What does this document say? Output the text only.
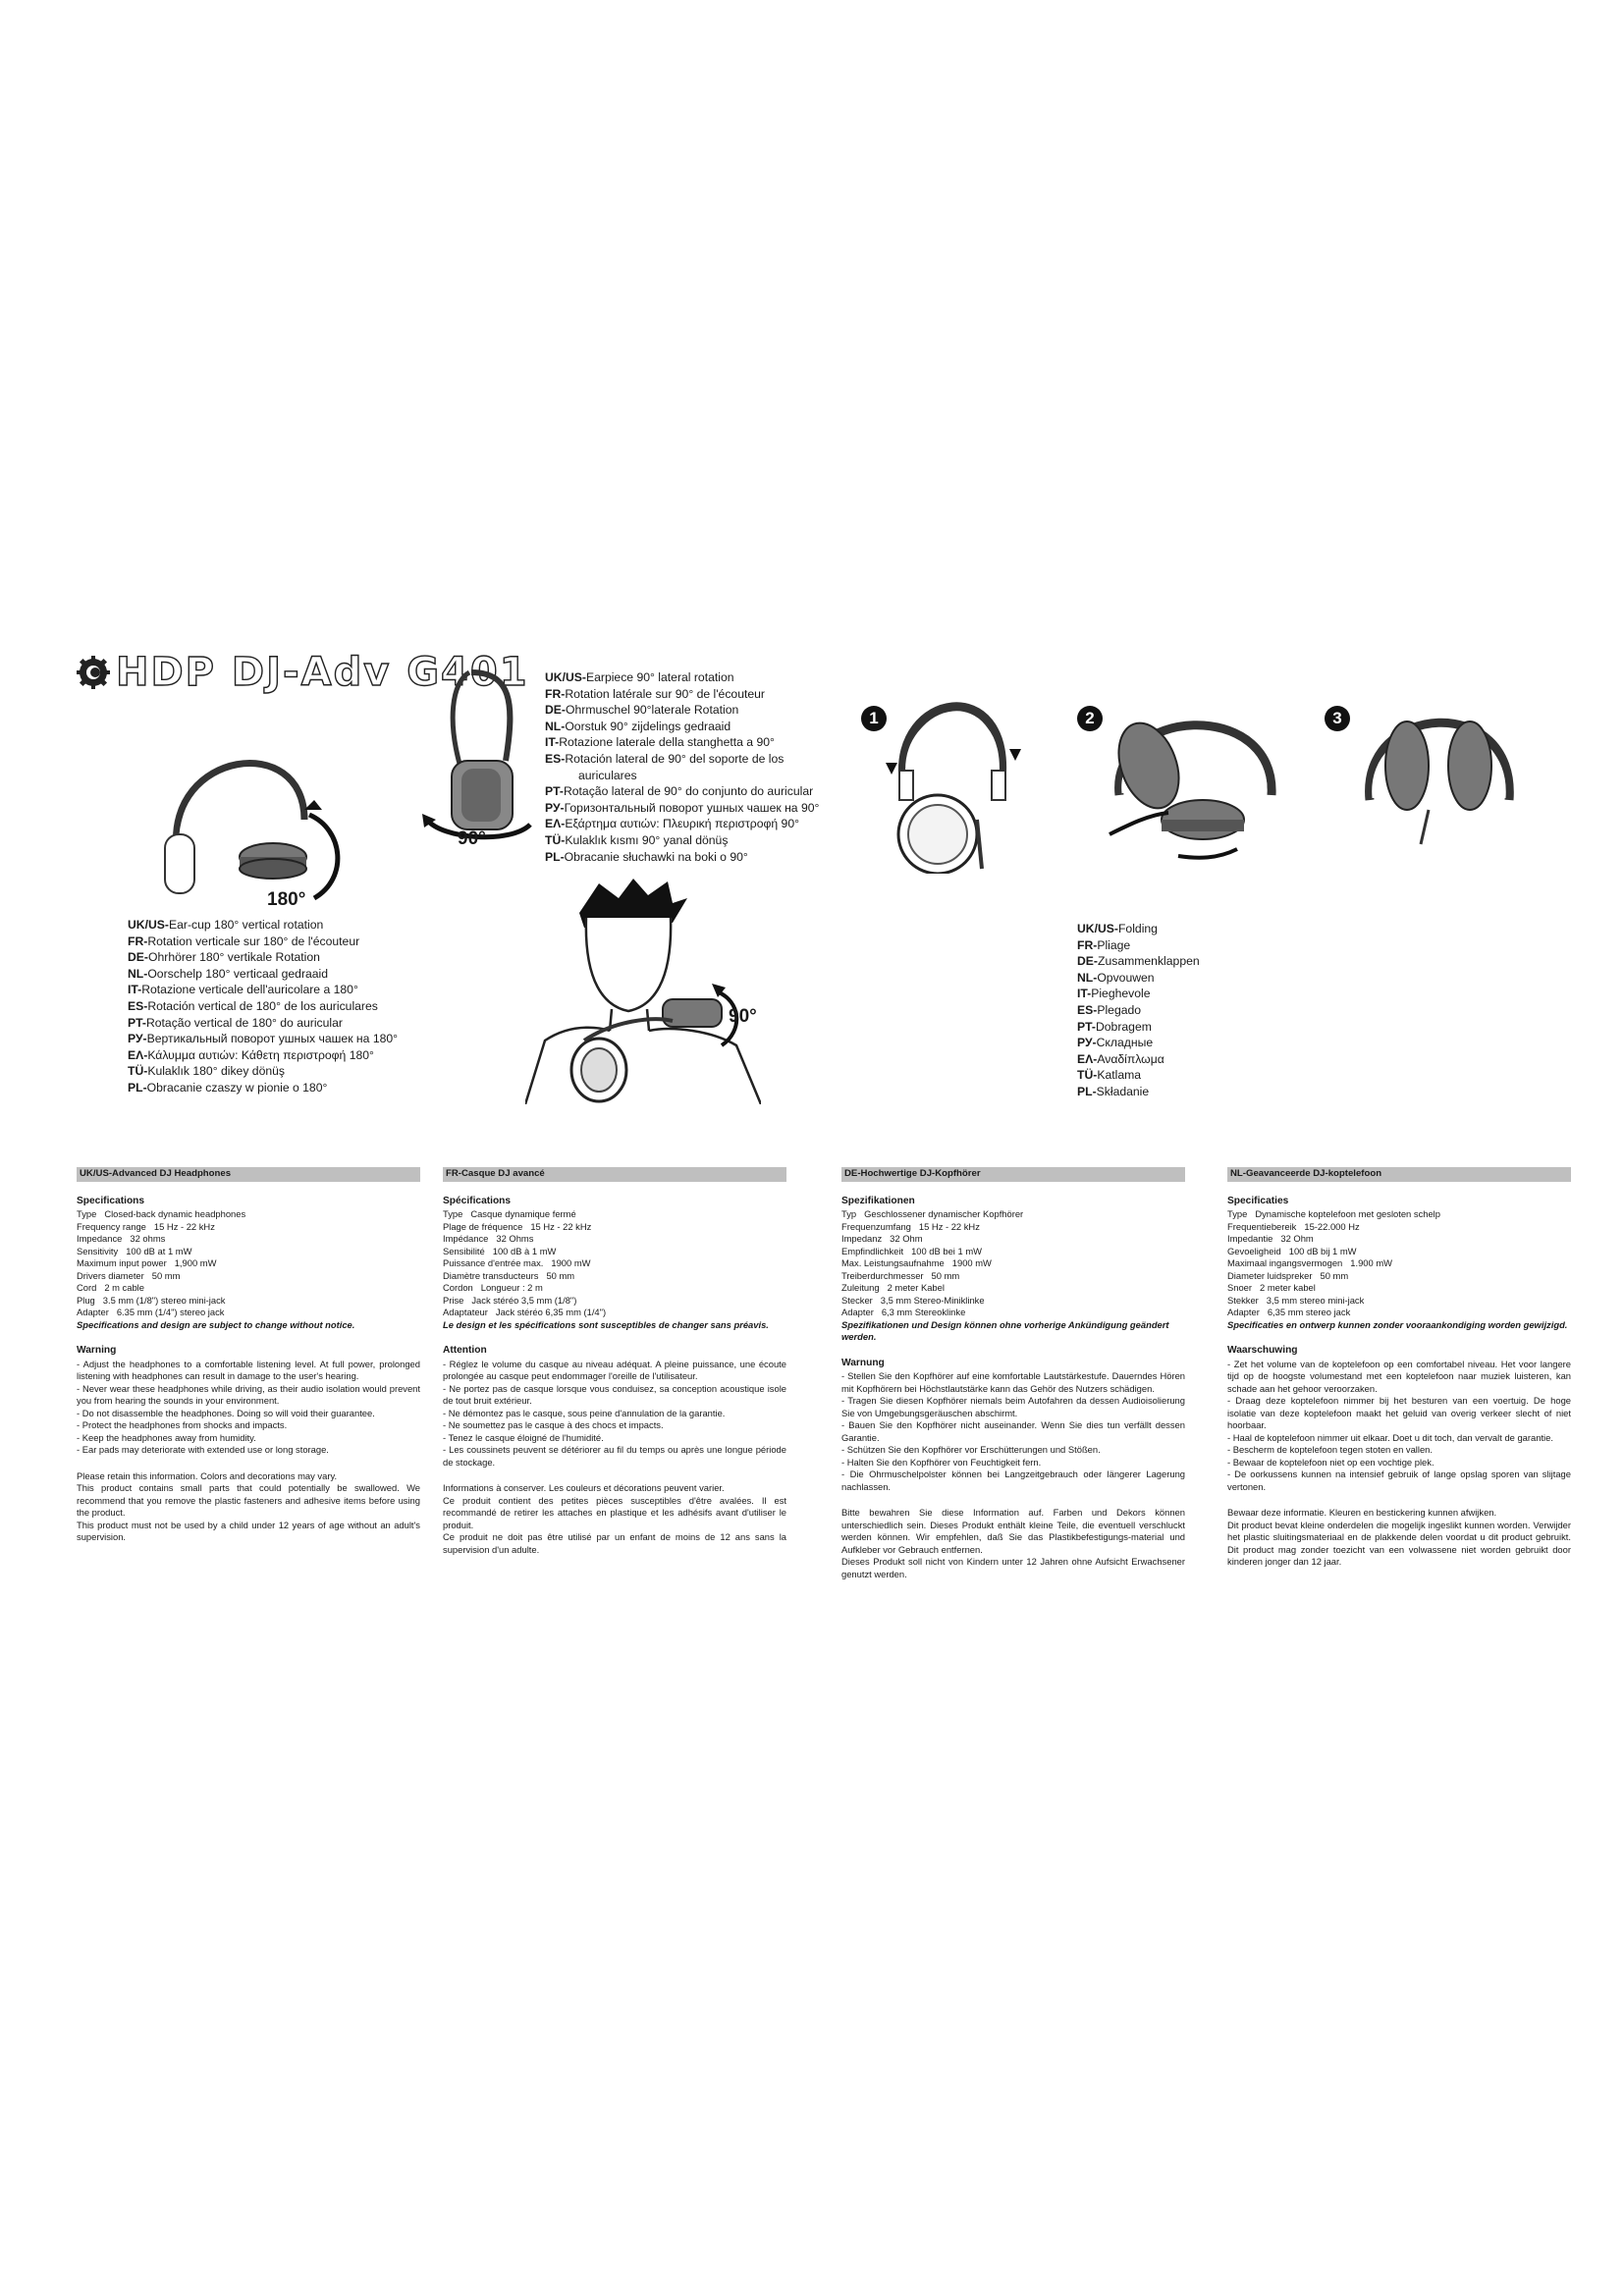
HDP DJ-Adv G401
180°
UK/US-Ear-cup 180° vertical rotation
FR-Rotation verticale sur 180° de l'écouteur
DE-Ohrhörer 180° vertikale Rotation
NL-Oorschelp 180° verticaal gedraaid
IT-Rotazione verticale dell'auricolare a 180°
ES-Rotación vertical de 180° de los auriculares
PT-Rotação vertical de 180° do auricular
РУ-Вертикальный поворот ушных чашек на 180°
ΕΛ-Κάλυμμα αυτιών: Κάθετη περιστροφή 180°
TÜ-Kulaklık 180° dikey dönüş
PL-Obracanie czaszy w pionie o 180°
90°
UK/US-Earpiece 90° lateral rotation
FR-Rotation latérale sur 90° de l'écouteur
DE-Ohrmuschel 90°laterale Rotation
NL-Oorstuk 90° zijdelings gedraaid
IT-Rotazione laterale della stanghetta a 90°
ES-Rotación lateral de 90° del soporte de los
auriculares
PT-Rotação lateral de 90° do conjunto do auricular
РУ-Горизонтальный поворот ушных чашек на 90°
ΕΛ-Εξάρτημα αυτιών: Πλευρική περιστροφή 90°
TÜ-Kulaklık kısmı 90° yanal dönüş
PL-Obracanie słuchawki na boki o 90°
90°
1	2	3
UK/US-Folding
FR-Pliage
DE-Zusammenklappen
NL-Opvouwen
IT-Pieghevole
ES-Plegado
PT-Dobragem
РУ-Складные
ΕΛ-Αναδίπλωμα
TÜ-Katlama
PL-Składanie
UK/US-Advanced DJ Headphones
Specifications
Type Closed-back dynamic headphones
Frequency range 15 Hz - 22 kHz
Impedance 32 ohms
Sensitivity 100 dB at 1 mW
Maximum input power 1,900 mW
Drivers diameter 50 mm
Cord 2 m cable
Plug 3.5 mm (1/8") stereo mini-jack
Adapter 6.35 mm (1/4") stereo jack
Specifications and design are subject to change without notice.
Warning

- Adjust the headphones to a comfortable listening level. At full power, prolonged listening with headphones can result in damage to the user's hearing.

- Never wear these headphones while driving, as their audio isolation would prevent you from hearing the sounds in your environment.

- Do not disassemble the headphones. Doing so will void their guarantee.

- Protect the headphones from shocks and impacts.

- Keep the headphones away from humidity.

- Ear pads may deteriorate with extended use or long storage.

Please retain this information. Colors and decorations may vary.

This product contains small parts that could potentially be swallowed. We recommend that you remove the plastic fasteners and adhesive items before using the product.

This product must not be used by a child under 12 years of age without an adult's supervision.

FR-Casque DJ avancé
Spécifications
Type Casque dynamique fermé
Plage de fréquence 15 Hz - 22 kHz
Impédance 32 Ohms
Sensibilité 100 dB à 1 mW
Puissance d'entrée max. 1900 mW
Diamètre transducteurs 50 mm
Cordon Longueur : 2 m
Prise Jack stéréo 3,5 mm (1/8")
Adaptateur Jack stéréo 6,35 mm (1/4")
Le design et les spécifications sont susceptibles de changer sans préavis.
Attention

- Réglez le volume du casque au niveau adéquat. A pleine puissance, une écoute prolongée au casque peut endommager l'oreille de l'utilisateur.

- Ne portez pas de casque lorsque vous conduisez, sa conception acoustique isole de tout bruit extérieur.

- Ne démontez pas le casque, sous peine d'annulation de la garantie.

- Ne soumettez pas le casque à des chocs et impacts.

- Tenez le casque éloigné de l'humidité.

- Les coussinets peuvent se détériorer au fil du temps ou après une longue période de stockage.

Informations à conserver. Les couleurs et décorations peuvent varier.

Ce produit contient des petites pièces susceptibles d'être avalées. Il est recommandé de retirer les attaches en plastique et les adhésifs avant d'utiliser le produit.

Ce produit ne doit pas être utilisé par un enfant de moins de 12 ans sans la supervision d'un adulte.

DE-Hochwertige DJ-Kopfhörer
Spezifikationen
Typ Geschlossener dynamischer Kopfhörer
Frequenzumfang 15 Hz - 22 kHz
Impedanz 32 Ohm
Empfindlichkeit 100 dB bei 1 mW
Max. Leistungsaufnahme 1900 mW
Treiberdurchmesser 50 mm
Zuleitung 2 meter Kabel
Stecker 3,5 mm Stereo-Miniklinke
Adapter 6,3 mm Stereoklinke
Spezifikationen und Design können ohne vorherige Ankündigung geändert werden.
Warnung

- Stellen Sie den Kopfhörer auf eine komfortable Lautstärkestufe. Dauerndes Hören mit Kopfhörern bei Höchstlautstärke kann das Gehör des Nutzers schädigen.

- Tragen Sie diesen Kopfhörer niemals beim Autofahren da dessen Audioisolierung Sie von Umgebungsgeräuschen abschirmt.

- Bauen Sie den Kopfhörer nicht auseinander. Wenn Sie dies tun verfällt dessen Garantie.

- Schützen Sie den Kopfhörer vor Erschütterungen und Stößen.

- Halten Sie den Kopfhörer von Feuchtigkeit fern.

- Die Ohrmuschelpolster können bei Langzeitgebrauch oder längerer Lagerung nachlassen.

Bitte bewahren Sie diese Information auf. Farben und Dekors können unterschiedlich sein. Dieses Produkt enthält kleine Teile, die eventuell verschluckt werden können. Wir empfehlen, daß Sie das Plastikbefestigungs-material und Aufkleber vor Gebrauch entfernen.

Dieses Produkt soll nicht von Kindern unter 12 Jahren ohne Aufsicht Erwachsener genutzt werden.

NL-Geavanceerde DJ-koptelefoon
Specificaties
Type Dynamische koptelefoon met gesloten schelp
Frequentiebereik 15-22.000 Hz
Impedantie 32 Ohm
Gevoeligheid 100 dB bij 1 mW
Maximaal ingangsvermogen 1.900 mW
Diameter luidspreker 50 mm
Snoer 2 meter kabel
Stekker 3,5 mm stereo mini-jack
Adapter 6,35 mm stereo jack
Specificaties en ontwerp kunnen zonder vooraankondiging worden gewijzigd.
Waarschuwing

- Zet het volume van de koptelefoon op een comfortabel niveau. Het voor langere tijd op de hoogste volumestand met een koptelefoon naar muziek luisteren, kan schade aan het gehoor veroorzaken.

- Draag deze koptelefoon nimmer bij het besturen van een voertuig. De hoge isolatie van deze koptelefoon maakt het geluid van overig verkeer slecht of niet hoorbaar.

- Haal de koptelefoon nimmer uit elkaar. Doet u dit toch, dan vervalt de garantie.

- Bescherm de koptelefoon tegen stoten en vallen.

- Bewaar de koptelefoon niet op een vochtige plek.

- De oorkussens kunnen na intensief gebruik of lange opslag sporen van slijtage vertonen.

Bewaar deze informatie. Kleuren en bestickering kunnen afwijken.

Dit product bevat kleine onderdelen die mogelijk ingeslikt kunnen worden. Verwijder het plastic sluitingsmateriaal en de plakkende delen voordat u dit product gebruikt. Dit product mag zonder toezicht van een volwassene niet worden gebruikt door kinderen jonger dan 12 jaar.
